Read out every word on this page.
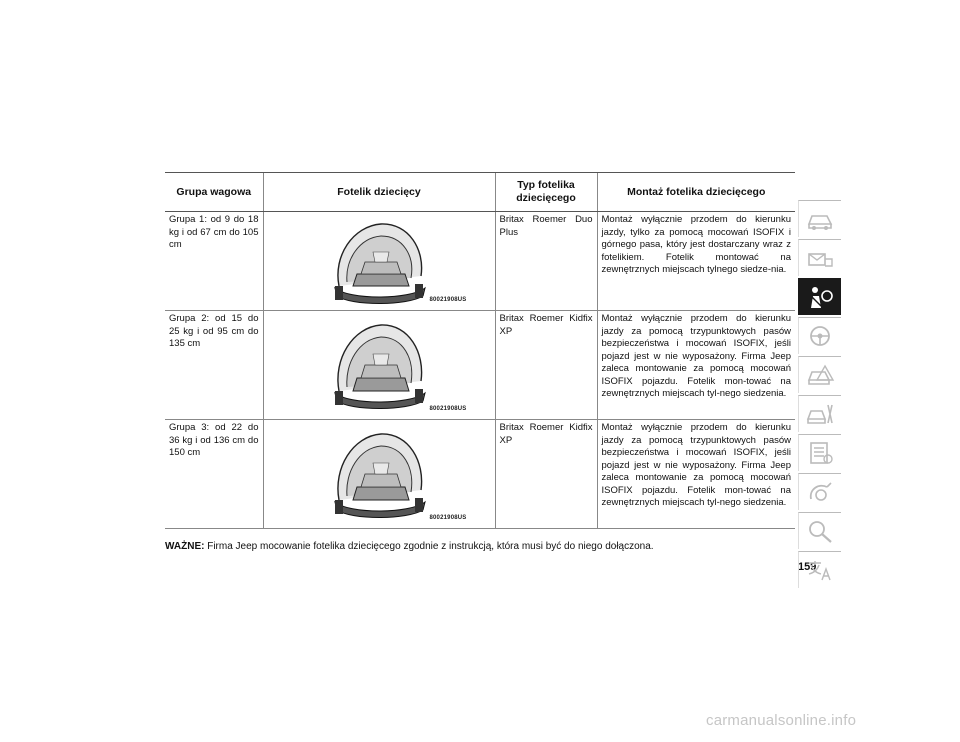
Grupa wagowa	Fotelik dziecięcy	Typ fotelika dziecięcego	Montaż fotelika dziecięcego
Grupa 1: od 9 do 18 kg i od 67 cm do 105 cm	80021908US	Britax Roemer Duo Plus	Montaż wyłącznie przodem do kierunku jazdy, tylko za pomocą mocowań ISOFIX i górnego pasa, który jest dostarczany wraz z fotelikiem. Fotelik montować na zewnętrznych miejscach tylnego siedze-nia.
Grupa 2: od 15 do 25 kg i od 95 cm do 135 cm	80021908US	Britax Roemer Kidfix XP	Montaż wyłącznie przodem do kierunku jazdy za pomocą trzypunktowych pasów bezpieczeństwa i mocowań ISOFIX, jeśli pojazd jest w nie wyposażony. Firma Jeep zaleca montowanie za pomocą mocowań ISOFIX pojazdu. Fotelik mon-tować na zewnętrznych miejscach tyl-nego siedzenia.
Grupa 3: od 22 do 36 kg i od 136 cm do 150 cm	80021908US	Britax Roemer Kidfix XP	Montaż wyłącznie przodem do kierunku jazdy za pomocą trzypunktowych pasów bezpieczeństwa i mocowań ISOFIX, jeśli pojazd jest w nie wyposażony. Firma Jeep zaleca montowanie za pomocą mocowań ISOFIX pojazdu. Fotelik mon-tować na zewnętrznych miejscach tyl-nego siedzenia.
WAŻNE: Firma Jeep mocowanie fotelika dziecięcego zgodnie z instrukcją, która musi być do niego dołączona.
159
carmanualsonline.info
